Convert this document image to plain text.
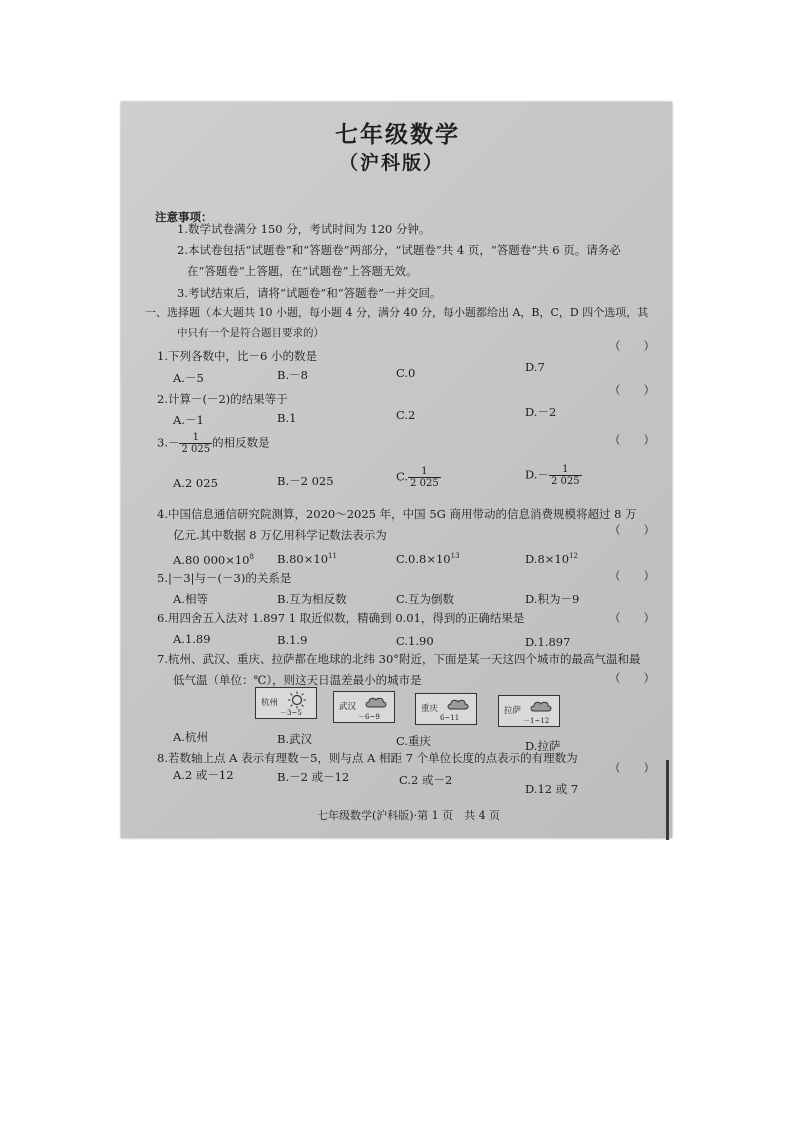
七年级数学
（沪科版）
注意事项：
1.数学试卷满分 150 分，考试时间为 120 分钟。
2.本试卷包括“试题卷”和“答题卷”两部分，“试题卷”共 4 页，“答题卷”共 6 页。请务必
在“答题卷”上答题，在“试题卷”上答题无效。
3.考试结束后，请将“试题卷”和“答题卷”一并交回。
一、选择题（本大题共 10 小题，每小题 4 分，满分 40 分，每小题都给出 A，B，C，D 四个选项，其
中只有一个是符合题目要求的）
1.下列各数中，比－6 小的数是
（　　）
A.－5	B.－8	C.0	D.7
2.计算－(－2)的结果等于
（　　）
A.－1	B.1	C.2	D.－2
$3.- \frac{1}{2 025}$ 的相反数是	（　　）
A.2 025	B.－2 025	C. $\frac{1}{2 025}$	$D.- \frac{1}{2 025}$
4.中国信息通信研究院测算，2020～2025 年，中国 5G 商用带动的信息消费规模将超过 8 万
亿元.其中数据 8 万亿用科学记数法表示为	（　　）
A.80 $000\times 10^8$ $B.80\times 10^{11}$	$C.0.8\times 10^{13}$	$D.8\times 10^{12}$
5.|－3|与－(－3)的关系是	（　　）
A.相等	B.互为相反数	C.互为倒数	D.积为－9
6.用四舍五入法对 1.897 1 取近似数，精确到 0.01，得到的正确结果是	（　　）
A.1.89	B.1.9	C.1.90	D.1.897
7.杭州、武汉、重庆、拉萨都在地球的北纬 30°附近，下面是某一天这四个城市的最高气温和最
低气温（单位：℃），则这天日温差最小的城市是	（　　）
杭州
－3~5
武汉
－6~9
重庆
6~11
拉萨
－1~12
A.杭州	B.武汉	C.重庆	D.拉萨
8.若数轴上点 A 表示有理数－5，则与点 A 相距 7 个单位长度的点表示的有理数为
（　　）
A.2 或－12	B.－2 或－12	C.2 或－2
D.12 或 7
七年级数学(沪科版)·第 1 页　共 4 页
